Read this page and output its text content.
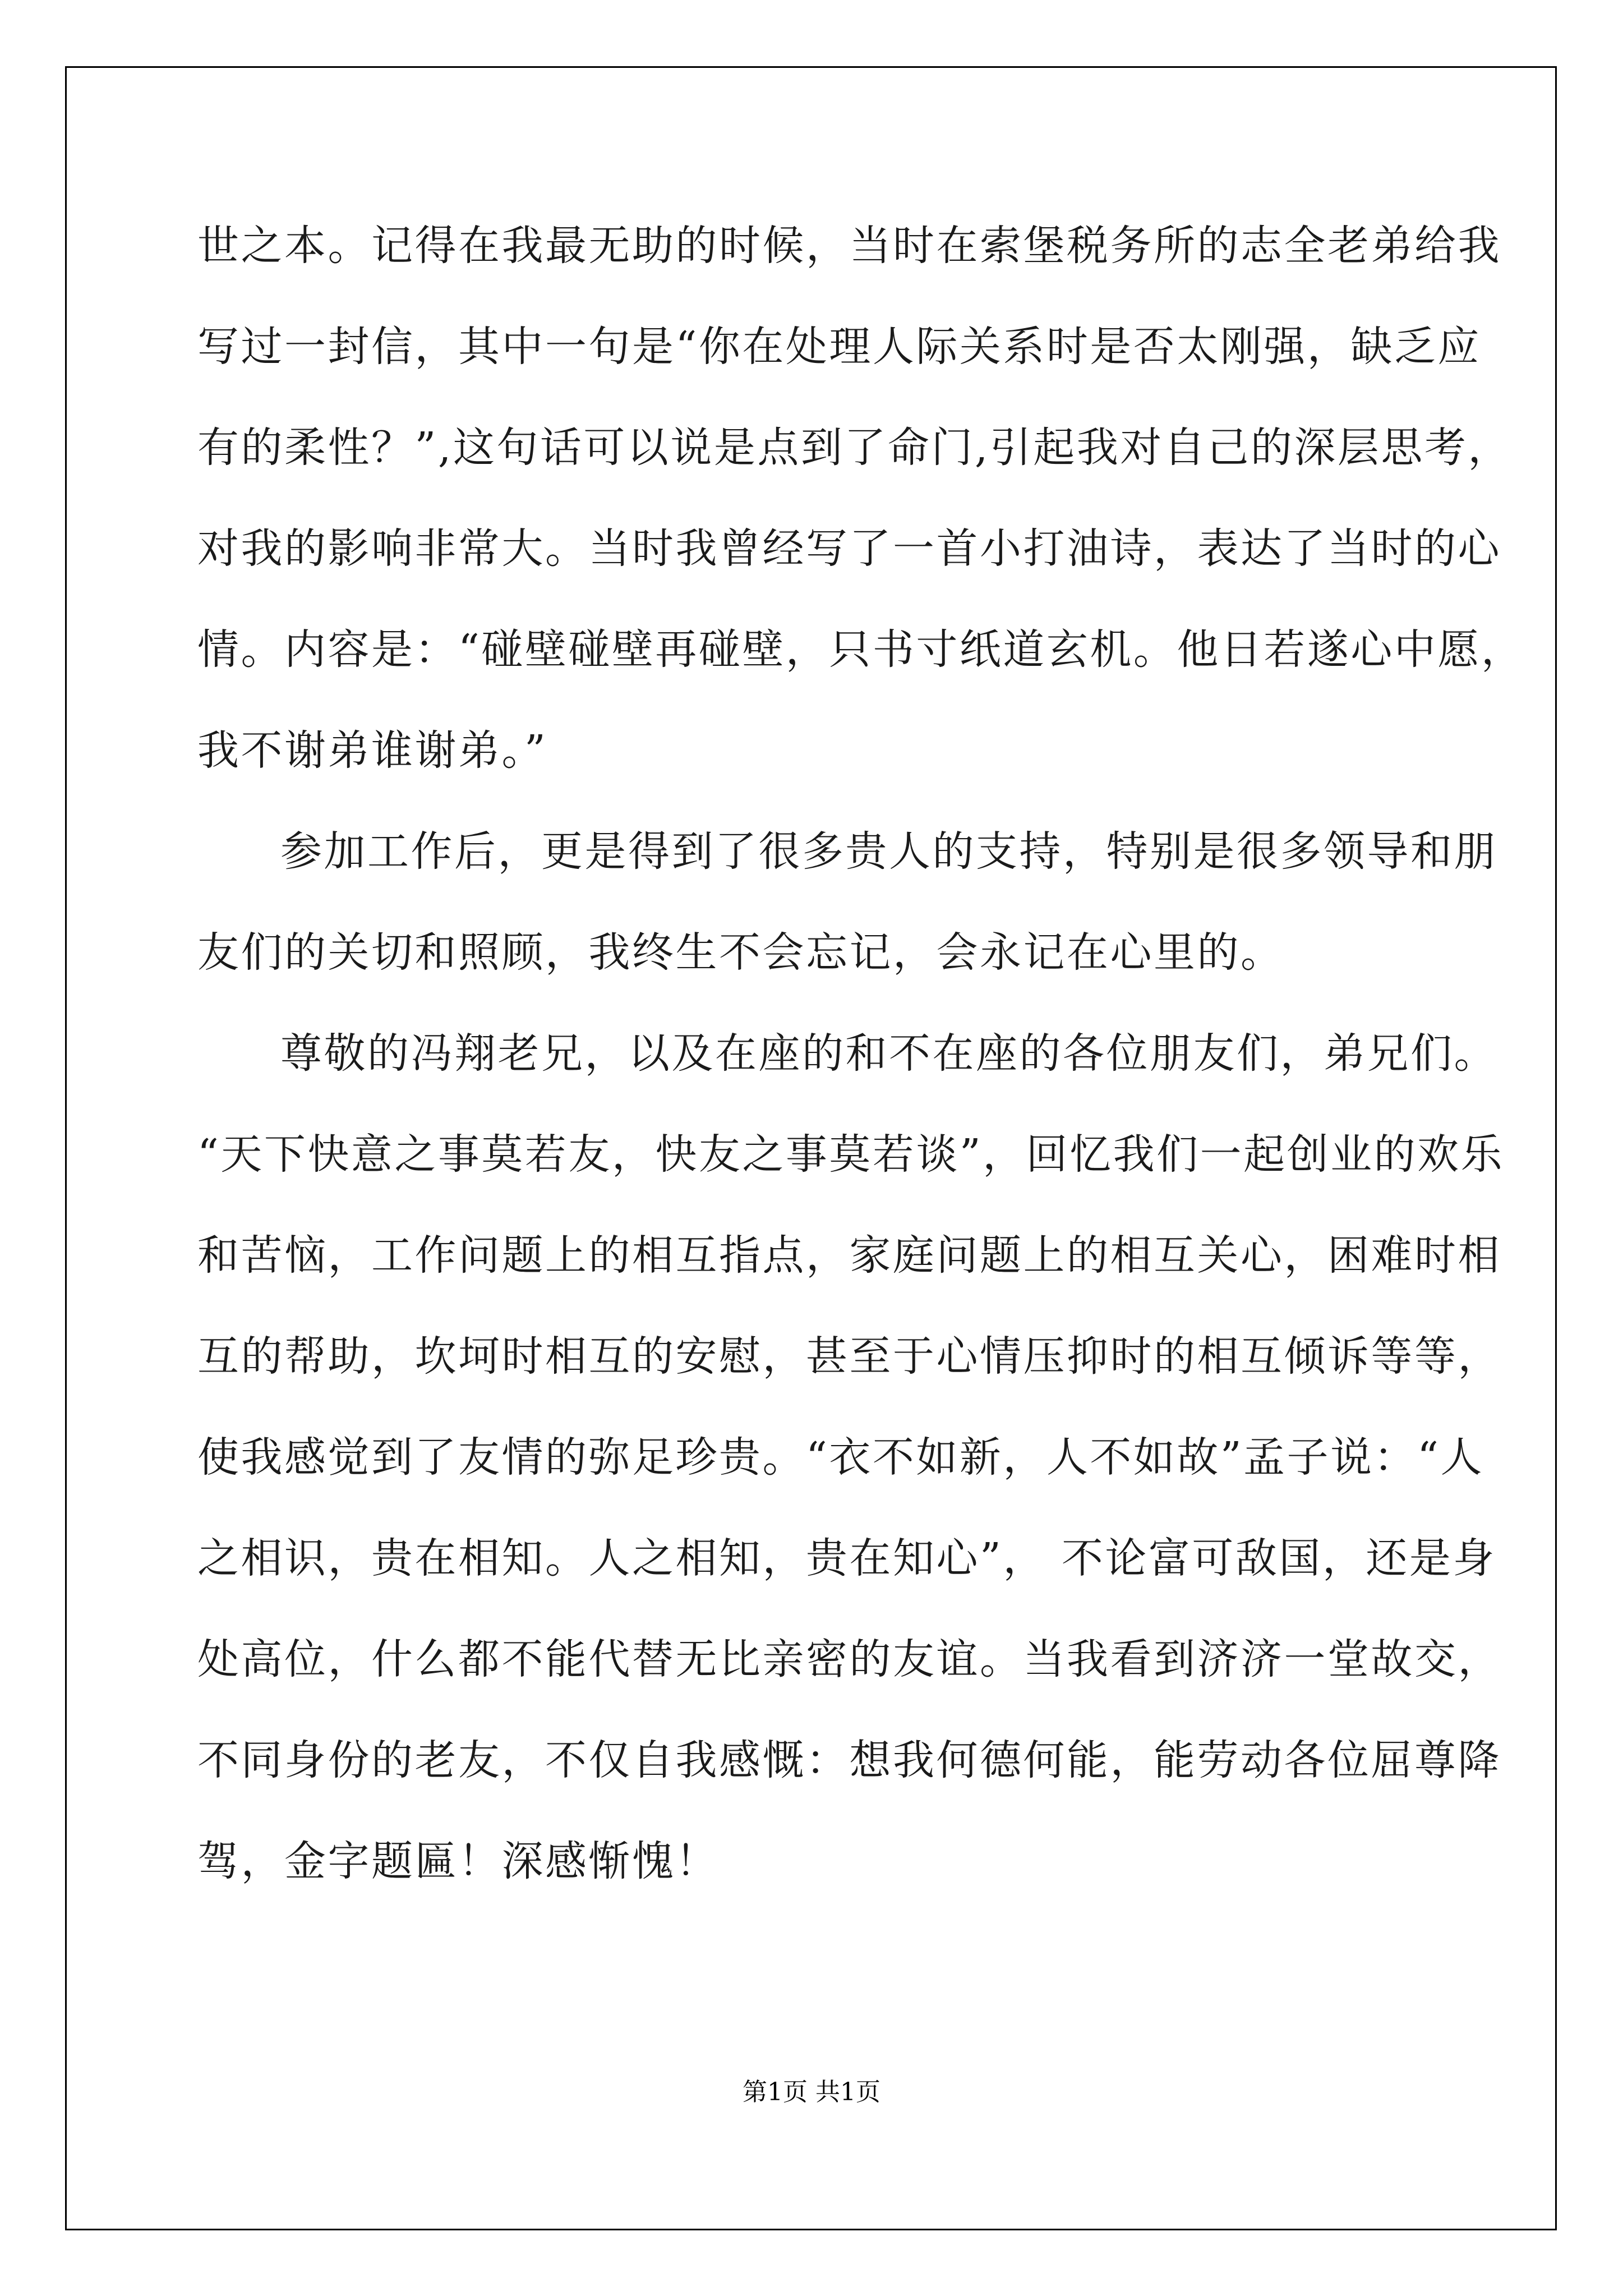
世之本。记得在我最无助的时候，当时在索堡税务所的志全老弟给我
写过一封信，其中一句是“你在处理人际关系时是否太刚强，缺乏应
有的柔性？”,这句话可以说是点到了命门,引起我对自己的深层思考，
对我的影响非常大。当时我曾经写了一首小打油诗，表达了当时的心
情。内容是：“碰壁碰壁再碰壁，只书寸纸道玄机。他日若遂心中愿，
我不谢弟谁谢弟。”
参加工作后，更是得到了很多贵人的支持，特别是很多领导和朋
友们的关切和照顾，我终生不会忘记，会永记在心里的。
尊敬的冯翔老兄，以及在座的和不在座的各位朋友们，弟兄们。
“天下快意之事莫若友，快友之事莫若谈”，回忆我们一起创业的欢乐
和苦恼，工作问题上的相互指点，家庭问题上的相互关心，困难时相
互的帮助，坎坷时相互的安慰，甚至于心情压抑时的相互倾诉等等，
使我感觉到了友情的弥足珍贵。“衣不如新，人不如故”孟子说：“人
之相识，贵在相知。人之相知，贵在知心”， 不论富可敌国，还是身
处高位，什么都不能代替无比亲密的友谊。当我看到济济一堂故交，
不同身份的老友，不仅自我感慨：想我何德何能，能劳动各位屈尊降
驾，金字题匾！深感惭愧！
第1页 共1页
